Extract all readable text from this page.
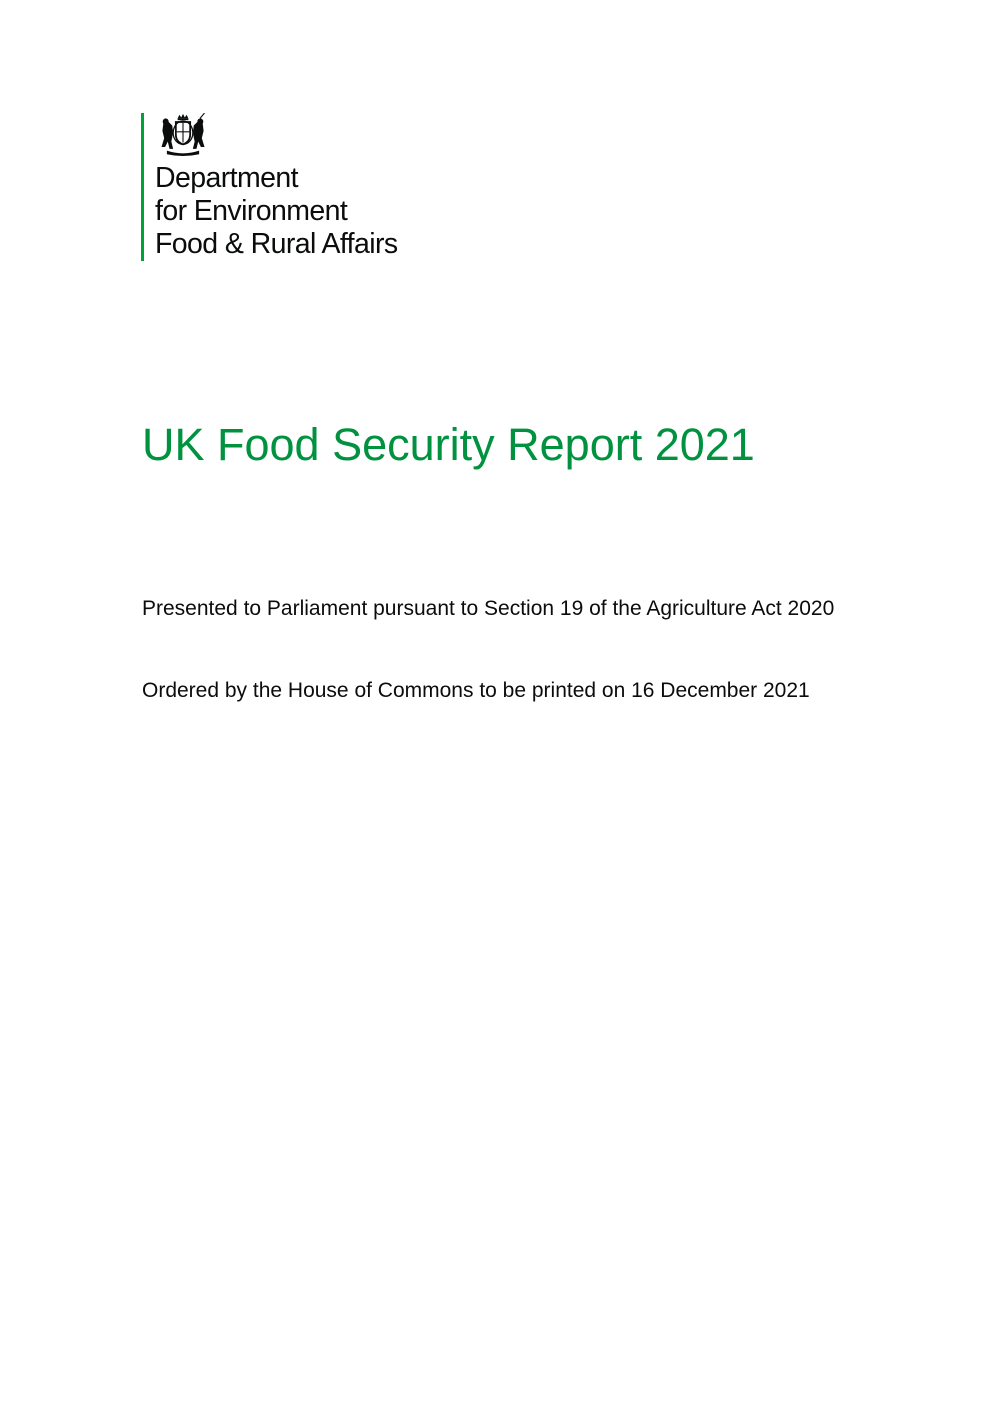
Department
for Environment
Food & Rural Affairs
UK Food Security Report 2021

Presented to Parliament pursuant to Section 19 of the Agriculture Act 2020

Ordered by the House of Commons to be printed on 16 December 2021
